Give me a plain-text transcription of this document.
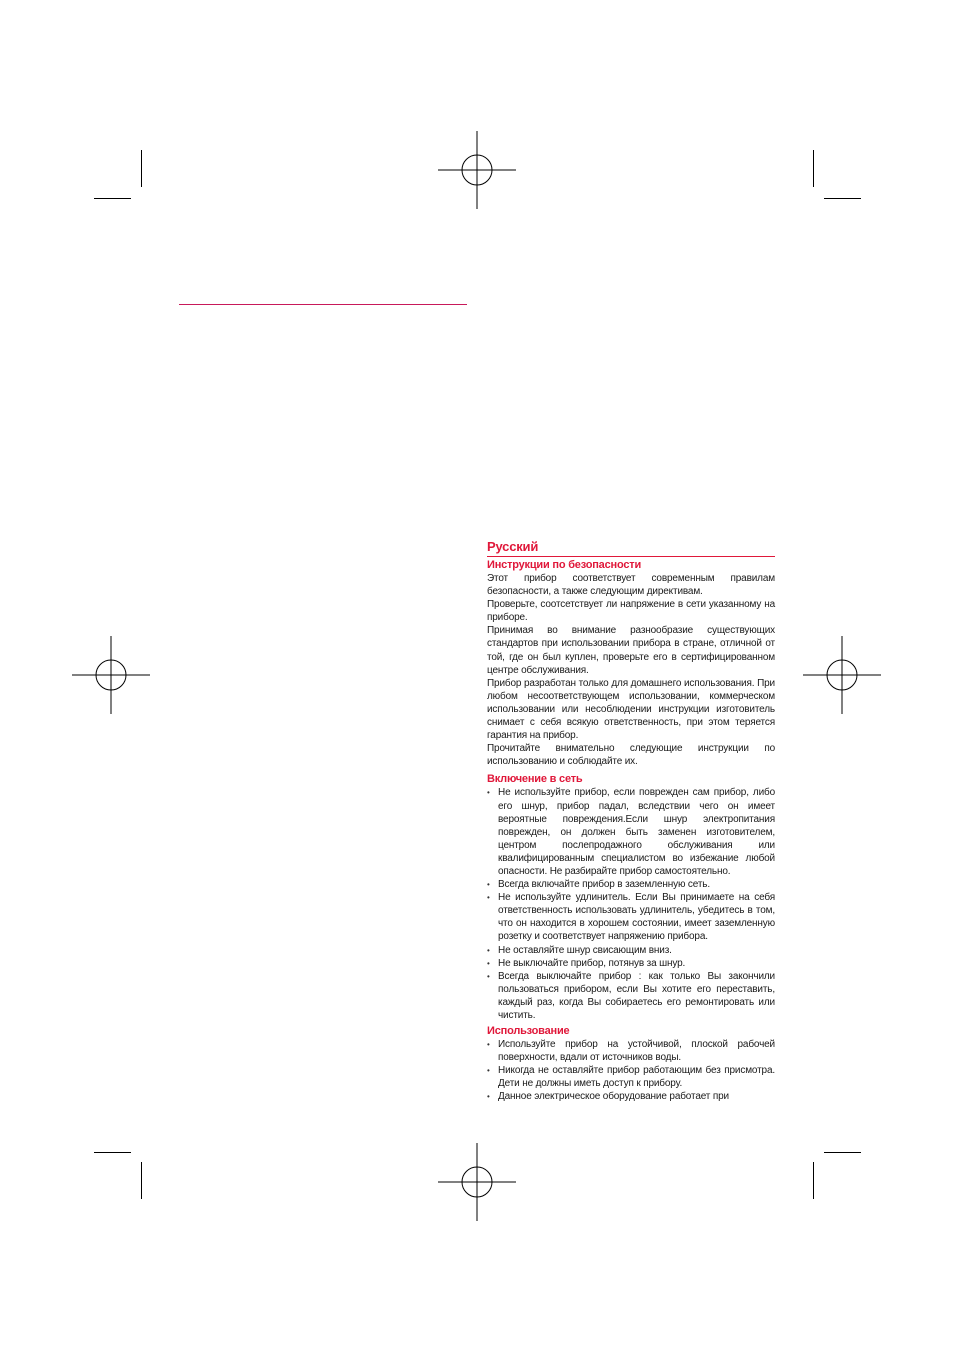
Русский
Инструкции по безопасности

Этот прибор соответствует современным правилам безопасности, а также следующим директивам.

Проверьте, соотсетствует ли напряжение в сети указанному на приборе.

Принимая во внимание разнообразие существующих стандартов при использовании прибора в стране, отличной от той, где он был куплен, проверьте его в сертифицированном центре обслуживания.

Прибор разработан только для домашнего использования. При любом несоответствующем использовании, коммерческом использовании или несоблюдении инструкции изготовитель снимает с себя всякую ответственность, при этом теряется гарантия на прибор.

Прочитайте внимательно следующие инструкции по использованию и соблюдайте их.

Включение в сеть
• Не используйте прибор, если поврежден сам прибор, либо его шнур, прибор падал, вследствии чего он имеет вероятные повреждения.Если шнур электропитания поврежден, он должен быть заменен изготовителем, центром послепродажного обслуживания или квалифицированным специалистом во избежание любой опасности. Не разбирайте прибор самостоятельно.
• Всегда включайте прибор в заземленную сеть.
• Не используйте удлинитель. Если Вы принимаете на себя ответственность использовать удлинитель, убедитесь в том, что он находится в хорошем состоянии, имеет заземленную розетку и соответствует напряжению прибора.
• Не оставляйте шнур свисающим вниз.
• Не выключайте прибор, потянув за шнур.
• Всегда выключайте прибор : как только Вы закончили пользоваться прибором, если Вы хотите его переставить, каждый раз, когда Вы собираетесь его ремонтировать или чистить.
Использование
• Используйте прибор на устойчивой, плоской рабочей поверхности, вдали от источников воды.
• Никогда не оставляйте прибор работающим без присмотра. Дети не должны иметь доступ к прибору.
• Данное электрическое оборудование работает при
